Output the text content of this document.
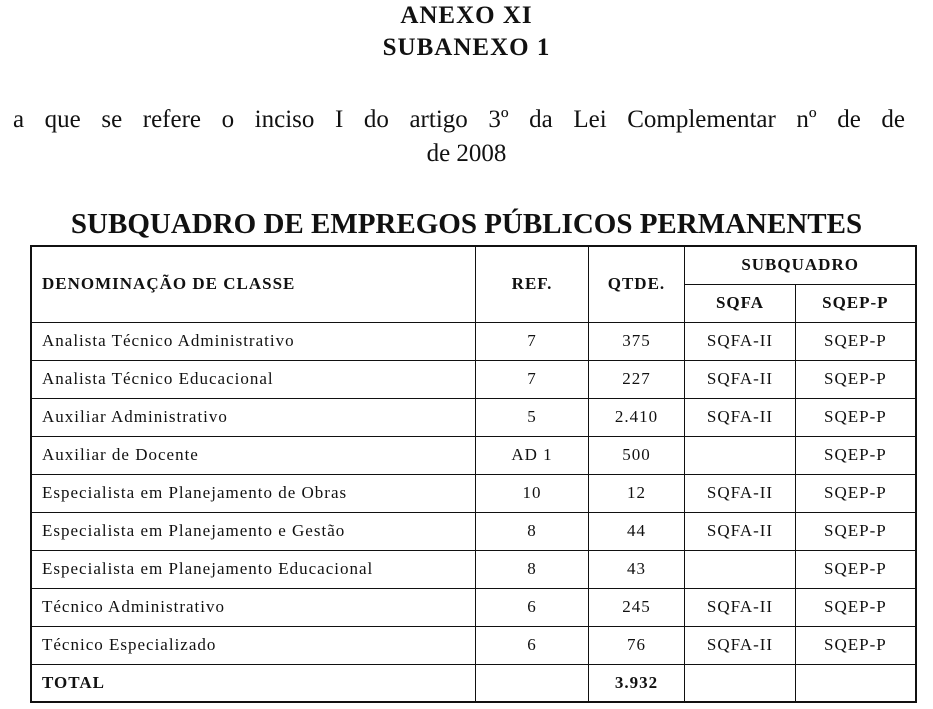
ANEXO XI
SUBANEXO 1

a que se refere o inciso I do artigo 3º da Lei Complementar nº de de

de 2008

SUBQUADRO DE EMPREGOS PÚBLICOS PERMANENTES
DENOMINAÇÃO DE CLASSE	REF.	QTDE.	SUBQUADRO	
			SQFA	SQEP-P
Analista Técnico Administrativo	7	375	SQFA-II	SQEP-P
Analista Técnico Educacional	7	227	SQFA-II	SQEP-P
Auxiliar Administrativo	5	2.410	SQFA-II	SQEP-P
Auxiliar de Docente	AD 1	500		SQEP-P
Especialista em Planejamento de Obras	10	12	SQFA-II	SQEP-P
Especialista em Planejamento e Gestão	8	44	SQFA-II	SQEP-P
Especialista em Planejamento Educacional	8	43		SQEP-P
Técnico Administrativo	6	245	SQFA-II	SQEP-P
Técnico Especializado	6	76	SQFA-II	SQEP-P
TOTAL		3.932		
